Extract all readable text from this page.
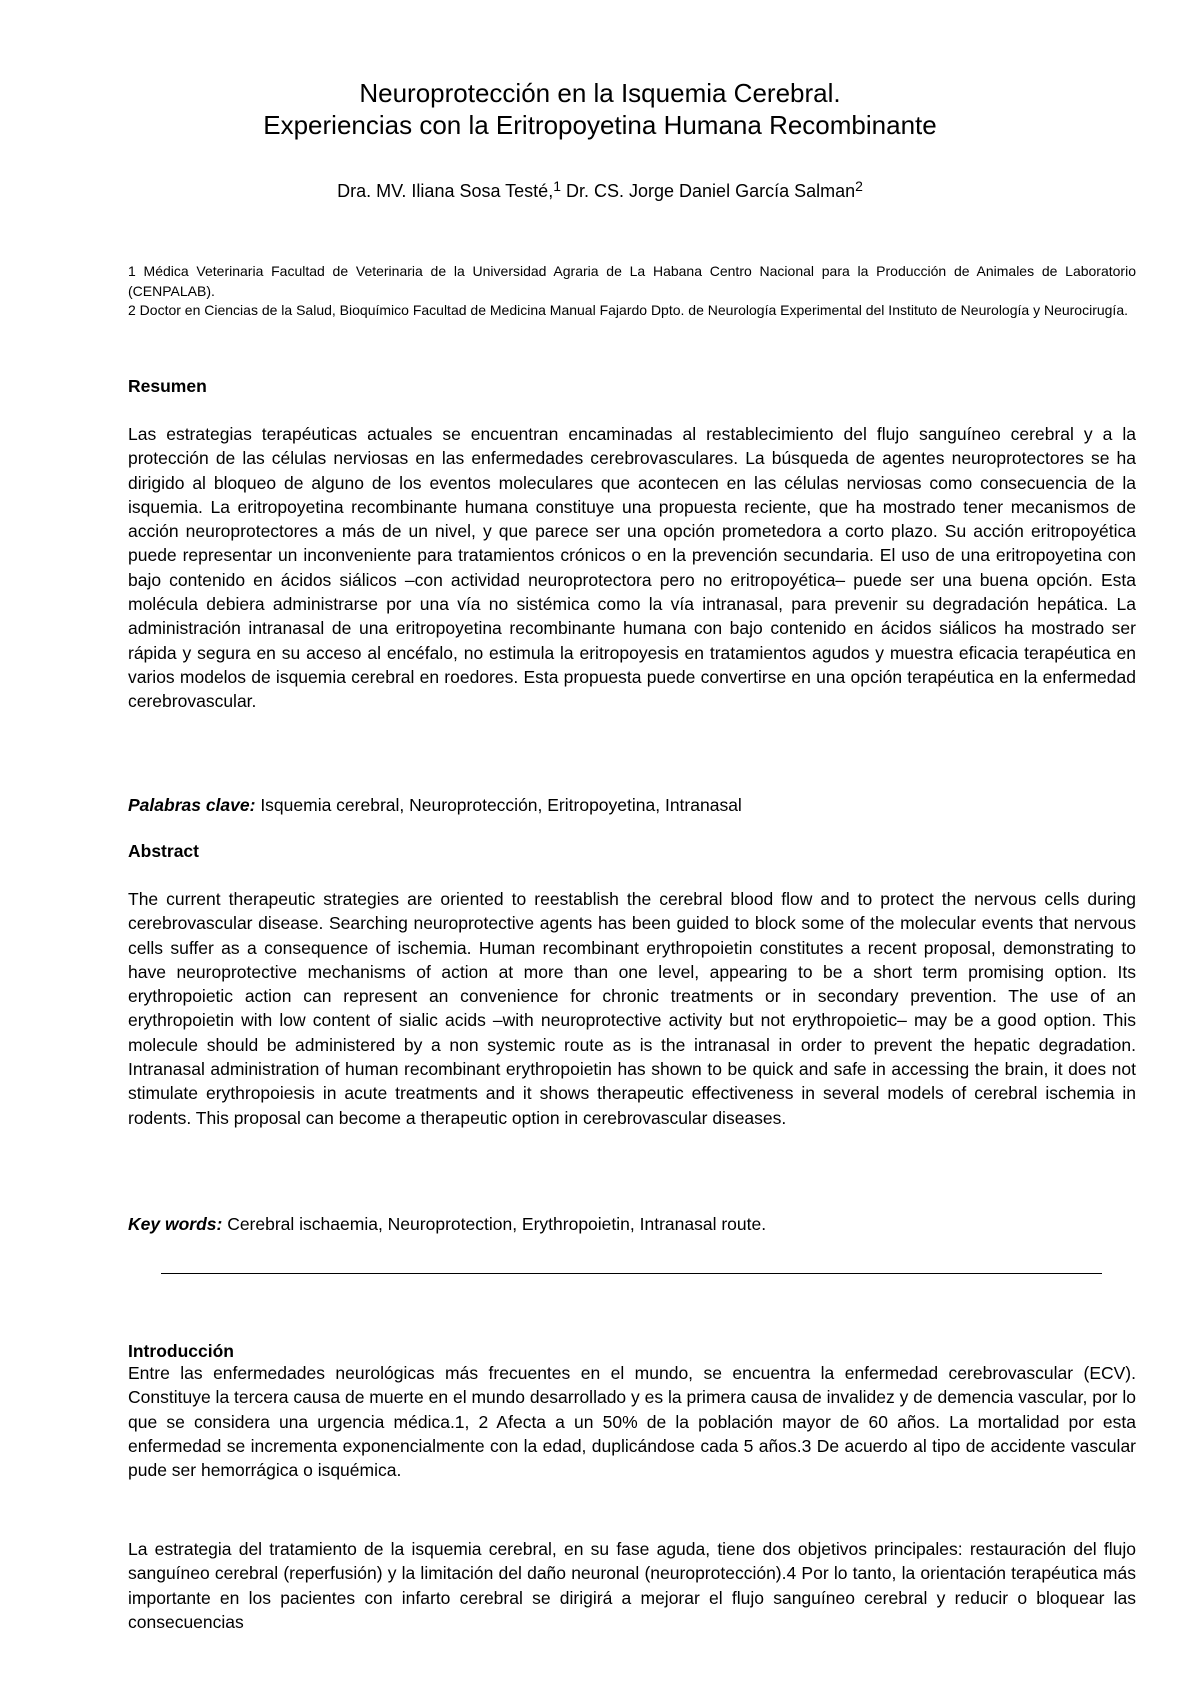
Neuroprotección en la Isquemia Cerebral.
Experiencias con la Eritropoyetina Humana Recombinante
Dra. MV. Iliana Sosa Testé,$^1$ Dr. CS. Jorge Daniel García Salman$^2$

1 Médica Veterinaria Facultad de Veterinaria de la Universidad Agraria de La Habana Centro Nacional para la Producción de Animales de Laboratorio (CENPALAB).

2 Doctor en Ciencias de la Salud, Bioquímico Facultad de Medicina Manual Fajardo Dpto. de Neurología Experimental del Instituto de Neurología y Neurocirugía.

Resumen

Las estrategias terapéuticas actuales se encuentran encaminadas al restablecimiento del flujo sanguíneo cerebral y a la protección de las células nerviosas en las enfermedades cerebrovasculares. La búsqueda de agentes neuroprotectores se ha dirigido al bloqueo de alguno de los eventos moleculares que acontecen en las células nerviosas como consecuencia de la isquemia. La eritropoyetina recombinante humana constituye una propuesta reciente, que ha mostrado tener mecanismos de acción neuroprotectores a más de un nivel, y que parece ser una opción prometedora a corto plazo. Su acción eritropoyética puede representar un inconveniente para tratamientos crónicos o en la prevención secundaria. El uso de una eritropoyetina con bajo contenido en ácidos siálicos –con actividad neuroprotectora pero no eritropoyética– puede ser una buena opción. Esta molécula debiera administrarse por una vía no sistémica como la vía intranasal, para prevenir su degradación hepática. La administración intranasal de una eritropoyetina recombinante humana con bajo contenido en ácidos siálicos ha mostrado ser rápida y segura en su acceso al encéfalo, no estimula la eritropoyesis en tratamientos agudos y muestra eficacia terapéutica en varios modelos de isquemia cerebral en roedores. Esta propuesta puede convertirse en una opción terapéutica en la enfermedad cerebrovascular.

Palabras clave: Isquemia cerebral, Neuroprotección, Eritropoyetina, Intranasal

Abstract

The current therapeutic strategies are oriented to reestablish the cerebral blood flow and to protect the nervous cells during cerebrovascular disease. Searching neuroprotective agents has been guided to block some of the molecular events that nervous cells suffer as a consequence of ischemia. Human recombinant erythropoietin constitutes a recent proposal, demonstrating to have neuroprotective mechanisms of action at more than one level, appearing to be a short term promising option. Its erythropoietic action can represent an convenience for chronic treatments or in secondary prevention. The use of an erythropoietin with low content of sialic acids –with neuroprotective activity but not erythropoietic– may be a good option. This molecule should be administered by a non systemic route as is the intranasal in order to prevent the hepatic degradation. Intranasal administration of human recombinant erythropoietin has shown to be quick and safe in accessing the brain, it does not stimulate erythropoiesis in acute treatments and it shows therapeutic effectiveness in several models of cerebral ischemia in rodents. This proposal can become a therapeutic option in cerebrovascular diseases.

Key words: Cerebral ischaemia, Neuroprotection, Erythropoietin, Intranasal route.

Introducción

Entre las enfermedades neurológicas más frecuentes en el mundo, se encuentra la enfermedad cerebrovascular (ECV). Constituye la tercera causa de muerte en el mundo desarrollado y es la primera causa de invalidez y de demencia vascular, por lo que se considera una urgencia médica.1, 2 Afecta a un 50% de la población mayor de 60 años. La mortalidad por esta enfermedad se incrementa exponencialmente con la edad, duplicándose cada 5 años.3 De acuerdo al tipo de accidente vascular pude ser hemorrágica o isquémica.

La estrategia del tratamiento de la isquemia cerebral, en su fase aguda, tiene dos objetivos principales: restauración del flujo sanguíneo cerebral (reperfusión) y la limitación del daño neuronal (neuroprotección).4 Por lo tanto, la orientación terapéutica más importante en los pacientes con infarto cerebral se dirigirá a mejorar el flujo sanguíneo cerebral y reducir o bloquear las consecuencias
